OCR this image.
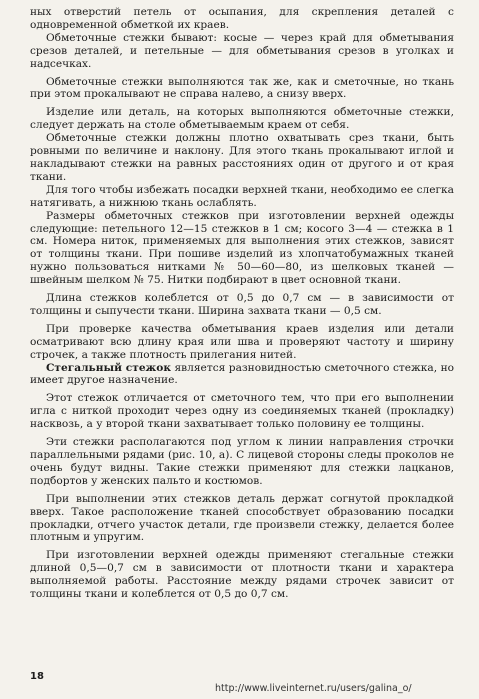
ных отверстий петель от осыпания, для скрепления деталей с одновременной обметкой их краев.

Обметочные стежки бывают: косые — через край для обметывания срезов деталей, и петельные — для обметывания срезов в уголках и надсечках.

Обметочные стежки выполняются так же, как и сметочные, но ткань при этом прокалывают не справа налево, а снизу вверх.

Изделие или деталь, на которых выполняются обметочные стежки, следует держать на столе обметываемым краем от себя.

Обметочные стежки должны плотно охватывать срез ткани, быть ровными по величине и наклону. Для этого ткань прокалывают иглой и накладывают стежки на равных расстояниях один от другого и от края ткани.

Для того чтобы избежать посадки верхней ткани, необходимо ее слегка натягивать, а нижнюю ткань ослаблять.

Размеры обметочных стежков при изготовлении верхней одежды следующие: петельного 12—15 стежков в 1 см; косого 3—4 — стежка в 1 см. Номера ниток, применяемых для выполнения этих стежков, зависят от толщины ткани. При пошиве изделий из хлопчатобумажных тканей нужно пользоваться нитками № 50—60—80, из шелковых тканей — швейным шелком № 75. Нитки подбирают в цвет основной ткани.

Длина стежков колеблется от 0,5 до 0,7 см — в зависимости от толщины и сыпучести ткани. Ширина захвата ткани — 0,5 см.

При проверке качества обметывания краев изделия или детали осматривают всю длину края или шва и проверяют частоту и ширину строчек, а также плотность прилегания нитей.

Стегальный стежок является разновидностью сметочного стежка, но имеет другое назначение.

Этот стежок отличается от сметочного тем, что при его выполнении игла с ниткой проходит через одну из соединяемых тканей (прокладку) насквозь, а у второй ткани захватывает только половину ее толщины.

Эти стежки располагаются под углом к линии направления строчки параллельными рядами (рис. 10, а). С лицевой стороны следы проколов не очень будут видны. Такие стежки применяют для стежки лацканов, подбортов у женских пальто и костюмов.

При выполнении этих стежков деталь держат согнутой прокладкой вверх. Такое расположение тканей способствует образованию посадки прокладки, отчего участок детали, где произвели стежку, делается более плотным и упругим.

При изготовлении верхней одежды применяют стегальные стежки длиной 0,5—0,7 см в зависимости от плотности ткани и характера выполняемой работы. Расстояние между рядами строчек зависит от толщины ткани и колеблется от 0,5 до 0,7 см.

18
http://www.liveinternet.ru/users/galina_o/
